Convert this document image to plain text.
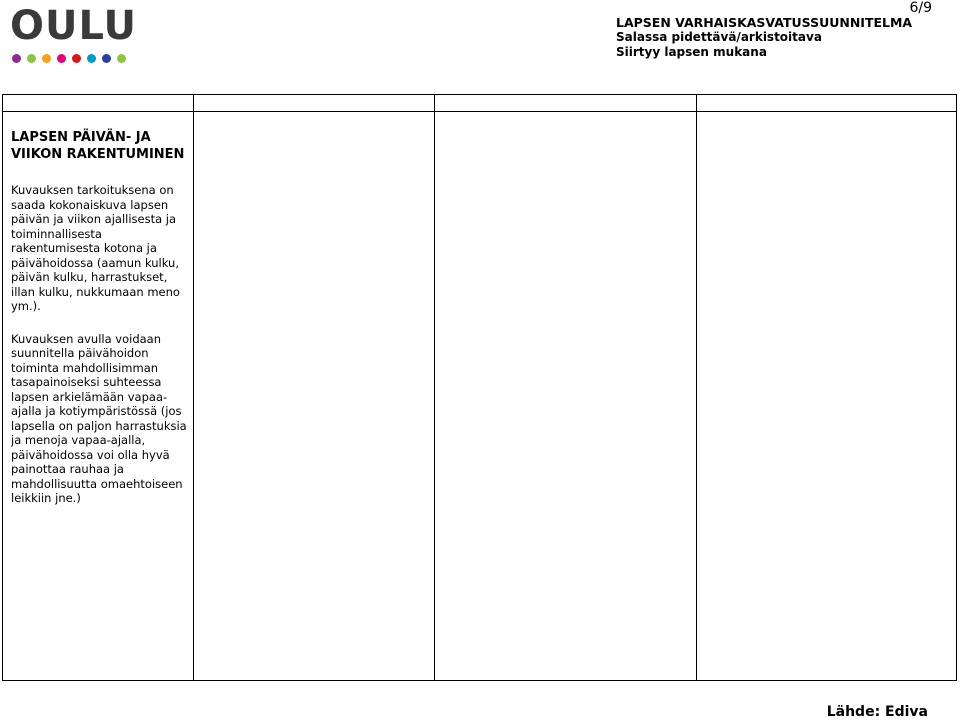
OULU	LAPSEN VARHAISKASVATUSSUUNNITELMA
Salassa pidettävä/arkistoitava
Siirtyy lapsen mukana
6/9
LAPSEN PÄIVÄN- JA VIIKON RAKENTUMINEN

Kuvauksen tarkoituksena on saada kokonaiskuva lapsen päivän ja viikon ajallisesta ja toiminnallisesta rakentumisesta kotona ja päivähoidossa (aamun kulku, päivän kulku, harrastukset, illan kulku, nukkumaan meno ym.).

Kuvauksen avulla voidaan suunnitella päivähoidon toiminta mahdollisimman tasapainoiseksi suhteessa lapsen arkielämään vapaa-ajalla ja kotiympäristössä (jos lapsella on paljon harrastuksia ja menoja vapaa-ajalla, päivähoidossa voi olla hyvä painottaa rauhaa ja mahdollisuutta omaehtoiseen leikkiin jne.)

Lähde: Ediva
